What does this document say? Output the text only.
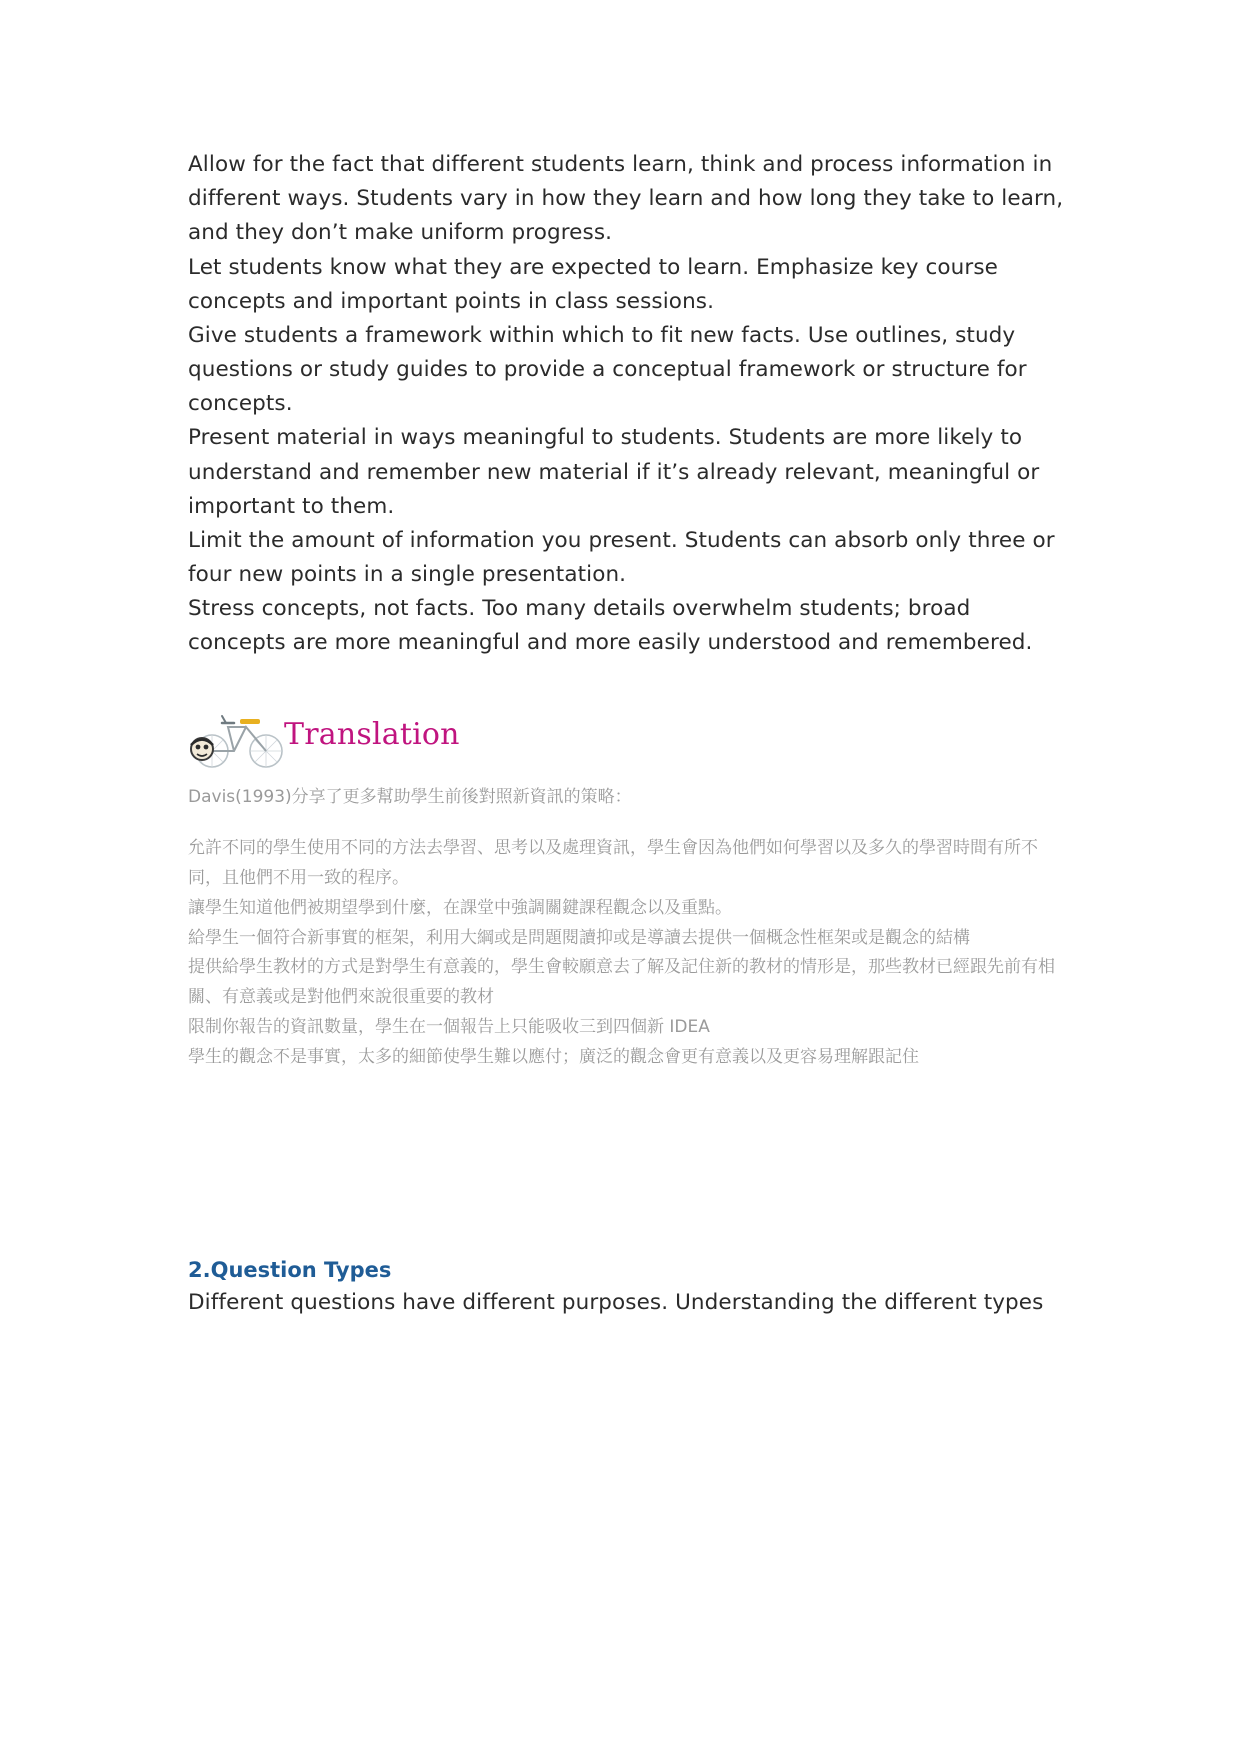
Allow for the fact that different students learn, think and process information in different ways. Students vary in how they learn and how long they take to learn, and they don’t make uniform progress.

Let students know what they are expected to learn. Emphasize key course concepts and important points in class sessions.

Give students a framework within which to fit new facts. Use outlines, study questions or study guides to provide a conceptual framework or structure for concepts.

Present material in ways meaningful to students. Students are more likely to understand and remember new material if it’s already relevant, meaningful or important to them.

Limit the amount of information you present. Students can absorb only three or four new points in a single presentation.

Stress concepts, not facts. Too many details overwhelm students; broad concepts are more meaningful and more easily understood and remembered.

Translation

Davis(1993)分享了更多幫助學生前後對照新資訊的策略：

允許不同的學生使用不同的方法去學習、思考以及處理資訊，學生會因為他們如何學習以及多久的學習時間有所不同，且他們不用一致的程序。

讓學生知道他們被期望學到什麼，在課堂中強調關鍵課程觀念以及重點。

給學生一個符合新事實的框架，利用大綱或是問題閱讀抑或是導讀去提供一個概念性框架或是觀念的結構

提供給學生教材的方式是對學生有意義的，學生會較願意去了解及記住新的教材的情形是，那些教材已經跟先前有相關、有意義或是對他們來說很重要的教材

限制你報告的資訊數量，學生在一個報告上只能吸收三到四個新 IDEA

學生的觀念不是事實，太多的細節使學生難以應付；廣泛的觀念會更有意義以及更容易理解跟記住

2.Question Types

Different questions have different purposes. Understanding the different types
